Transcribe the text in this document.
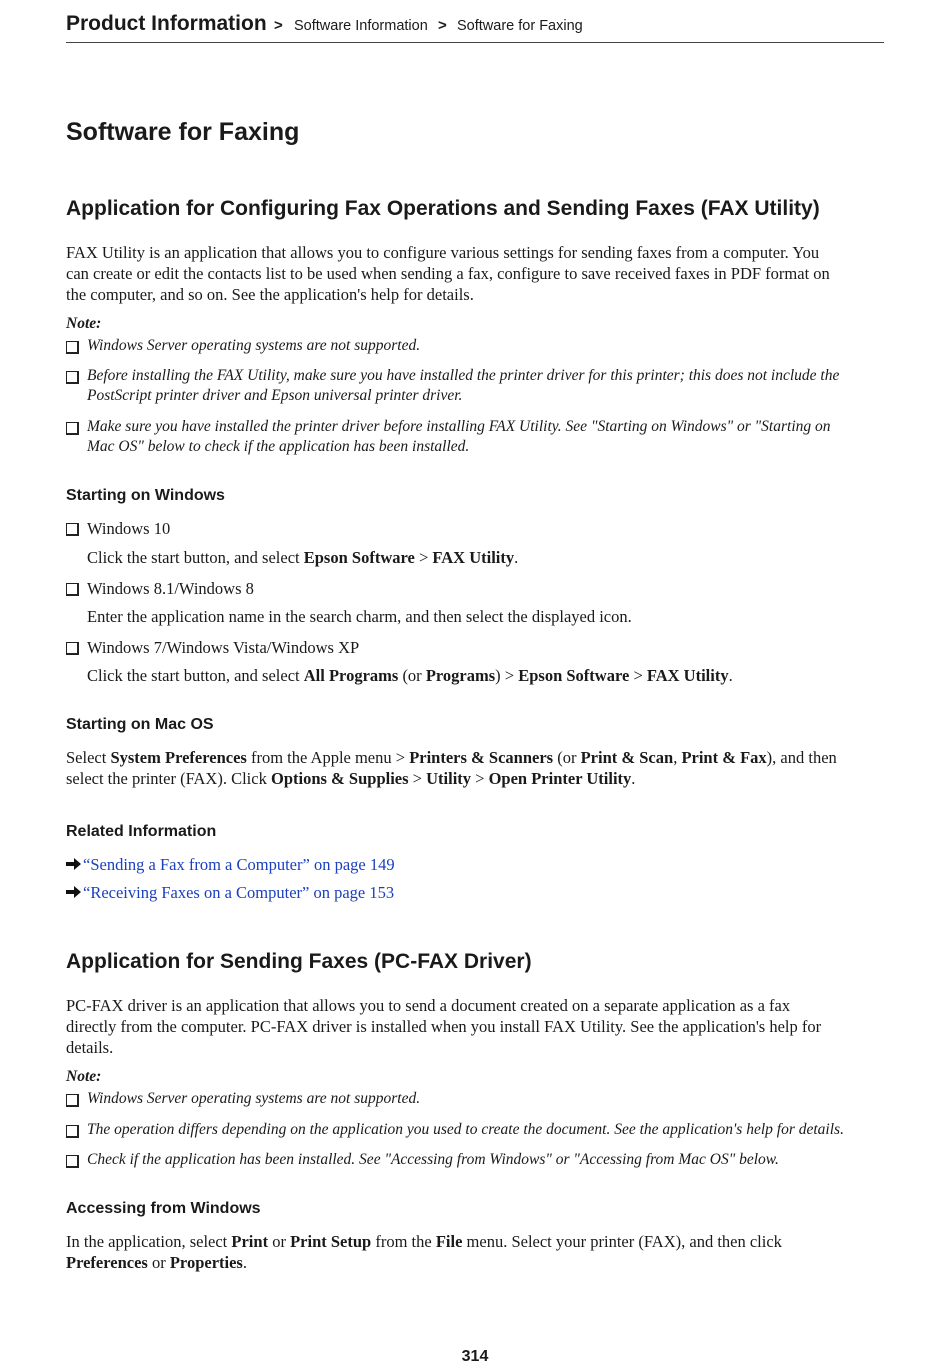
Product Information > Software Information > Software for Faxing
Software for Faxing
Application for Configuring Fax Operations and Sending Faxes (FAX Utility)
FAX Utility is an application that allows you to configure various settings for sending faxes from a computer. You
can create or edit the contacts list to be used when sending a fax, configure to save received faxes in PDF format on
the computer, and so on. See the application's help for details.
Note:
Windows Server operating systems are not supported.
Before installing the FAX Utility, make sure you have installed the printer driver for this printer; this does not include the
PostScript printer driver and Epson universal printer driver.
Make sure you have installed the printer driver before installing FAX Utility. See "Starting on Windows" or "Starting on
Mac OS" below to check if the application has been installed.
Starting on Windows
Windows 10
Click the start button, and select Epson Software > FAX Utility.
Windows 8.1/Windows 8
Enter the application name in the search charm, and then select the displayed icon.
Windows 7/Windows Vista/Windows XP
Click the start button, and select All Programs (or Programs) > Epson Software > FAX Utility.
Starting on Mac OS
Select System Preferences from the Apple menu > Printers & Scanners (or Print & Scan, Print & Fax), and then
select the printer (FAX). Click Options & Supplies > Utility > Open Printer Utility.
Related Information
“Sending a Fax from a Computer” on page 149
“Receiving Faxes on a Computer” on page 153
Application for Sending Faxes (PC-FAX Driver)
PC-FAX driver is an application that allows you to send a document created on a separate application as a fax
directly from the computer. PC-FAX driver is installed when you install FAX Utility. See the application's help for
details.
Note:
Windows Server operating systems are not supported.
The operation differs depending on the application you used to create the document. See the application's help for details.
Check if the application has been installed. See "Accessing from Windows" or "Accessing from Mac OS" below.
Accessing from Windows
In the application, select Print or Print Setup from the File menu. Select your printer (FAX), and then click
Preferences or Properties.
314
